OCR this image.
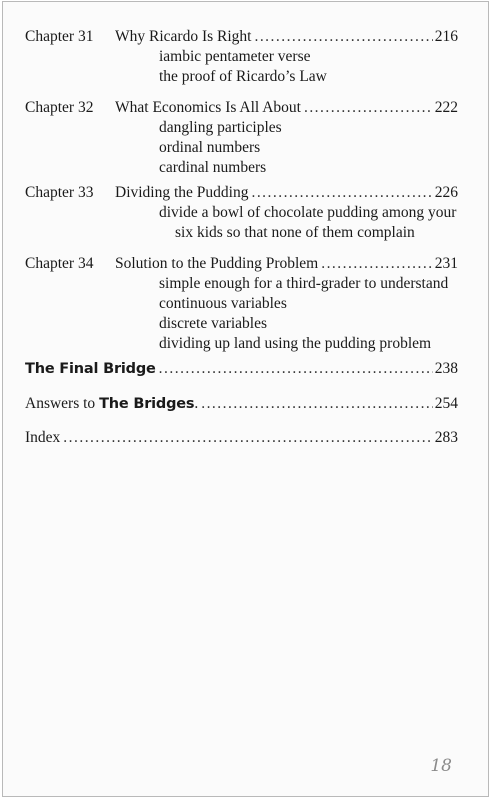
Chapter 31 Why Ricardo Is Right . . .	216
iambic pentameter verse
the proof of Ricardo’s Law
Chapter 32 What Economics Is All About . . .	222
dangling participles
ordinal numbers
cardinal numbers
Chapter 33 Dividing the Pudding . . .	226
divide a bowl of chocolate pudding among your
six kids so that none of them complain
Chapter 34 Solution to the Pudding Problem . . .	231
simple enough for a third-grader to understand
continuous variables
discrete variables
dividing up land using the pudding problem
The Final Bridge . . .	238
Answers to The Bridges. . . .	254
Index . . .	283
18
